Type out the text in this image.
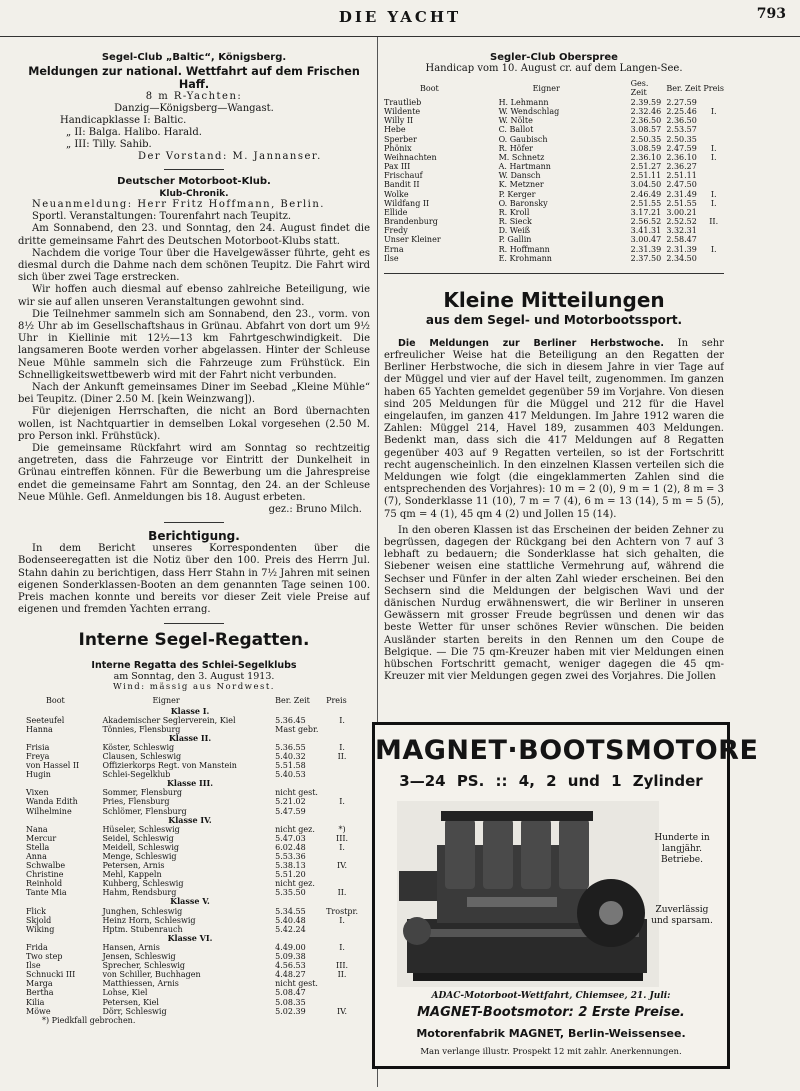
DIE YACHT	793

Segel-Club „Baltic“, Königsberg.

Meldungen zur national. Wettfahrt auf dem Frischen Haff.

8 m R-Yachten:

Danzig—Königsberg—Wangast.

Handicapklasse I: Baltic.

„ II: Balga. Halibo. Harald.

„ III: Tilly. Sahib.

Der Vorstand: M. Jannanser.

Deutscher Motorboot-Klub.

Klub-Chronik.

Neuanmeldung: Herr Fritz Hoffmann, Berlin.

Sportl. Veranstaltungen: Tourenfahrt nach Teupitz.

Am Sonnabend, den 23. und Sonntag, den 24. August findet die dritte gemeinsame Fahrt des Deutschen Motorboot-Klubs statt.

Nachdem die vorige Tour über die Havelgewässer führte, geht es diesmal durch die Dahme nach dem schönen Teupitz. Die Fahrt wird sich über zwei Tage erstrecken.

Wir hoffen auch diesmal auf ebenso zahlreiche Beteiligung, wie wir sie auf allen unseren Veranstaltungen gewohnt sind.

Die Teilnehmer sammeln sich am Sonnabend, den 23., vorm. von 8½ Uhr ab im Gesellschaftshaus in Grünau. Abfahrt von dort um 9½ Uhr in Kiellinie mit 12½—13 km Fahrtgeschwindigkeit. Die langsameren Boote werden vorher abgelassen. Hinter der Schleuse Neue Mühle sammeln sich die Fahrzeuge zum Frühstück. Ein Schnelligkeitswettbewerb wird mit der Fahrt nicht verbunden.

Nach der Ankunft gemeinsames Diner im Seebad „Kleine Mühle“ bei Teupitz. (Diner 2.50 M. [kein Weinzwang]).

Für diejenigen Herrschaften, die nicht an Bord übernachten wollen, ist Nachtquartier in demselben Lokal vorgesehen (2.50 M. pro Person inkl. Frühstück).

Die gemeinsame Rückfahrt wird am Sonntag so rechtzeitig angetreten, dass die Fahrzeuge vor Eintritt der Dunkelheit in Grünau eintreffen können. Für die Bewerbung um die Jahrespreise endet die gemeinsame Fahrt am Sonntag, den 24. an der Schleuse Neue Mühle. Gefl. Anmeldungen bis 18. August erbeten.

gez.: Bruno Milch.

Berichtigung.

In dem Bericht unseres Korrespondenten über die Bodenseeregatten ist die Notiz über den 100. Preis des Herrn Jul. Stahn dahin zu berichtigen, dass Herr Stahn in 7½ Jahren mit seinen eigenen Sonderklassen-Booten an dem genannten Tage seinen 100. Preis machen konnte und bereits vor dieser Zeit viele Preise auf eigenen und fremden Yachten errang.

Interne Segel-Regatten.

Interne Regatta des Schlei-Segelklubs

am Sonntag, den 3. August 1913.

Wind: mässig aus Nordwest.

Boot	Eigner	Ber. Zeit	Preis
Klasse I.			
Seeteufel	Akademischer Seglerverein, Kiel	5.36.45	I.
Hanna	Tönnies, Flensburg	Mast gebr.	
Klasse II.			
Frisia	Köster, Schleswig	5.36.55	I.
Freya	Clausen, Schleswig	5.40.32	II.
von Hassel II	Offizierkorps Regt. von Manstein	5.51.58	
Hugin	Schlei-Segelklub	5.40.53	
Klasse III.			
Vixen	Sommer, Flensburg	nicht gest.	
Wanda Edith	Pries, Flensburg	5.21.02	I.
Wilhelmine	Schlömer, Flensburg	5.47.59	
Klasse IV.			
Nana	Hüseler, Schleswig	nicht gez.	*)
Mercur	Seidel, Schleswig	5.47.03	III.
Stella	Meidell, Schleswig	6.02.48	I.
Anna	Menge, Schleswig	5.53.36	
Schwalbe	Petersen, Arnis	5.38.13	IV.
Christine	Mehl, Kappeln	5.51.20	
Reinhold	Kuhberg, Schleswig	nicht gez.	
Tante Mia	Hahm, Rendsburg	5.35.50	II.
Klasse V.			
Flick	Junghen, Schleswig	5.34.55	Trostpr.
Skjold	Heinz Horn, Schleswig	5.40.48	I.
Wiking	Hptm. Stubenrauch	5.42.24	
Klasse VI.			
Frida	Hansen, Arnis	4.49.00	I.
Two step	Jensen, Schleswig	5.09.38	
Ilse	Sprecher, Schleswig	4.56.53	III.
Schnucki III	von Schiller, Buchhagen	4.48.27	II.
Marga	Matthiessen, Arnis	nicht gest.	
Bertha	Lohse, Kiel	5.08.47	
Kilia	Petersen, Kiel	5.08.35	
Möwe	Dörr, Schleswig	5.02.39	IV.

*) Piedkfall gebrochen.

Segler-Club Oberspree

Handicap vom 10. August cr. auf dem Langen-See.

Boot	Eigner	Ges. Zeit	Ber. Zeit	Preis
Trautlieb	H. Lehmann	2.39.59	2.27.59	
Wildente	W. Wendschlag	2.32.46	2.25.46	I.
Willy II	W. Nölte	2.36.50	2.36.50	
Hebe	C. Ballot	3.08.57	2.53.57	
Sperber	O. Gaubisch	2.50.35	2.50.35	
Phönix	R. Höfer	3.08.59	2.47.59	I.
Weihnachten	M. Schnetz	2.36.10	2.36.10	I.
Pax III	A. Hartmann	2.51.27	2.36.27	
Frischauf	W. Dansch	2.51.11	2.51.11	
Bandit II	K. Metzner	3.04.50	2.47.50	
Wolke	P. Kerger	2.46.49	2.31.49	I.
Wildfang II	O. Baronsky	2.51.55	2.51.55	I.
Ellide	R. Kroll	3.17.21	3.00.21	
Brandenburg	R. Sieck	2.56.52	2.52.52	II.
Fredy	D. Weiß	3.41.31	3.32.31	
Unser Kleiner	P. Gallin	3.00.47	2.58.47	
Erna	R. Hoffmann	2.31.39	2.31.39	I.
Ilse	E. Krohmann	2.37.50	2.34.50	

Kleine Mitteilungen

aus dem Segel- und Motorbootssport.

Die Meldungen zur Berliner Herbstwoche. In sehr erfreulicher Weise hat die Beteiligung an den Regatten der Berliner Herbstwoche, die sich in diesem Jahre in vier Tage auf der Müggel und vier auf der Havel teilt, zugenommen. Im ganzen haben 65 Yachten gemeldet gegenüber 59 im Vorjahre. Von diesen sind 205 Meldungen für die Müggel und 212 für die Havel eingelaufen, im ganzen 417 Meldungen. Im Jahre 1912 waren die Zahlen: Müggel 214, Havel 189, zusammen 403 Meldungen. Bedenkt man, dass sich die 417 Meldungen auf 8 Regatten gegenüber 403 auf 9 Regatten verteilen, so ist der Fortschritt recht augenscheinlich. In den einzelnen Klassen verteilen sich die Meldungen wie folgt (die eingeklammerten Zahlen sind die entsprechenden des Vorjahres): 10 m = 2 (0), 9 m = 1 (2), 8 m = 3 (7), Sonderklasse 11 (10), 7 m = 7 (4), 6 m = 13 (14), 5 m = 5 (5), 75 qm = 4 (1), 45 qm 4 (2) und Jollen 15 (14).

In den oberen Klassen ist das Erscheinen der beiden Zehner zu begrüssen, dagegen der Rückgang bei den Achtern von 7 auf 3 lebhaft zu bedauern; die Sonderklasse hat sich gehalten, die Siebener weisen eine stattliche Vermehrung auf, während die Sechser und Fünfer in der alten Zahl wieder erscheinen. Bei den Sechsern sind die Meldungen der belgischen Wavi und der dänischen Nurdug erwähnenswert, die wir Berliner in unseren Gewässern mit grosser Freude begrüssen und denen wir das beste Wetter für unser schönes Revier wünschen. Die beiden Ausländer starten bereits in den Rennen um den Coupe de Belgique. — Die 75 qm-Kreuzer haben mit vier Meldungen einen hübschen Fortschritt gemacht, weniger dagegen die 45 qm-Kreuzer mit vier Meldungen gegen zwei des Vorjahres. Die Jollen

MAGNET·BOOTSMOTORE
3—24 PS. :: 4, 2 und 1 Zylinder
Hunderte in langjähr. Betriebe.
Zuverlässig und sparsam.
ADAC-Motorboot-Wettfahrt, Chiemsee, 21. Juli:
MAGNET-Bootsmotor: 2 Erste Preise.
Motorenfabrik MAGNET, Berlin-Weissensee.
Man verlange illustr. Prospekt 12 mit zahlr. Anerkennungen.
